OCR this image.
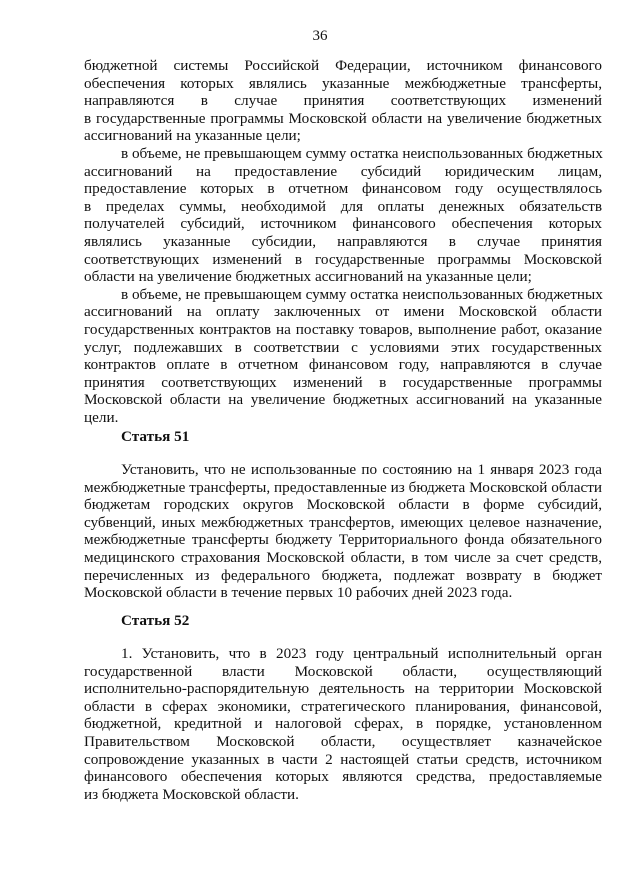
36
бюджетной системы Российской Федерации, источником финансового
обеспечения которых являлись указанные межбюджетные трансферты,
направляются в случае принятия соответствующих изменений
в государственные программы Московской области на увеличение бюджетных
ассигнований на указанные цели;
в объеме, не превышающем сумму остатка неиспользованных бюджетных
ассигнований на предоставление субсидий юридическим лицам,
предоставление которых в отчетном финансовом году осуществлялось
в пределах суммы, необходимой для оплаты денежных обязательств
получателей субсидий, источником финансового обеспечения которых
являлись указанные субсидии, направляются в случае принятия
соответствующих изменений в государственные программы Московской
области на увеличение бюджетных ассигнований на указанные цели;
в объеме, не превышающем сумму остатка неиспользованных бюджетных
ассигнований на оплату заключенных от имени Московской области
государственных контрактов на поставку товаров, выполнение работ, оказание
услуг, подлежавших в соответствии с условиями этих государственных
контрактов оплате в отчетном финансовом году, направляются в случае
принятия соответствующих изменений в государственные программы
Московской области на увеличение бюджетных ассигнований на указанные
цели.
Статья 51
Установить, что не использованные по состоянию на 1 января 2023 года
межбюджетные трансферты, предоставленные из бюджета Московской области
бюджетам городских округов Московской области в форме субсидий,
субвенций, иных межбюджетных трансфертов, имеющих целевое назначение,
межбюджетные трансферты бюджету Территориального фонда обязательного
медицинского страхования Московской области, в том числе за счет средств,
перечисленных из федерального бюджета, подлежат возврату в бюджет
Московской области в течение первых 10 рабочих дней 2023 года.
Статья 52
1. Установить, что в 2023 году центральный исполнительный орган
государственной власти Московской области, осуществляющий
исполнительно-распорядительную деятельность на территории Московской
области в сферах экономики, стратегического планирования, финансовой,
бюджетной, кредитной и налоговой сферах, в порядке, установленном
Правительством Московской области, осуществляет казначейское
сопровождение указанных в части 2 настоящей статьи средств, источником
финансового обеспечения которых являются средства, предоставляемые
из бюджета Московской области.
